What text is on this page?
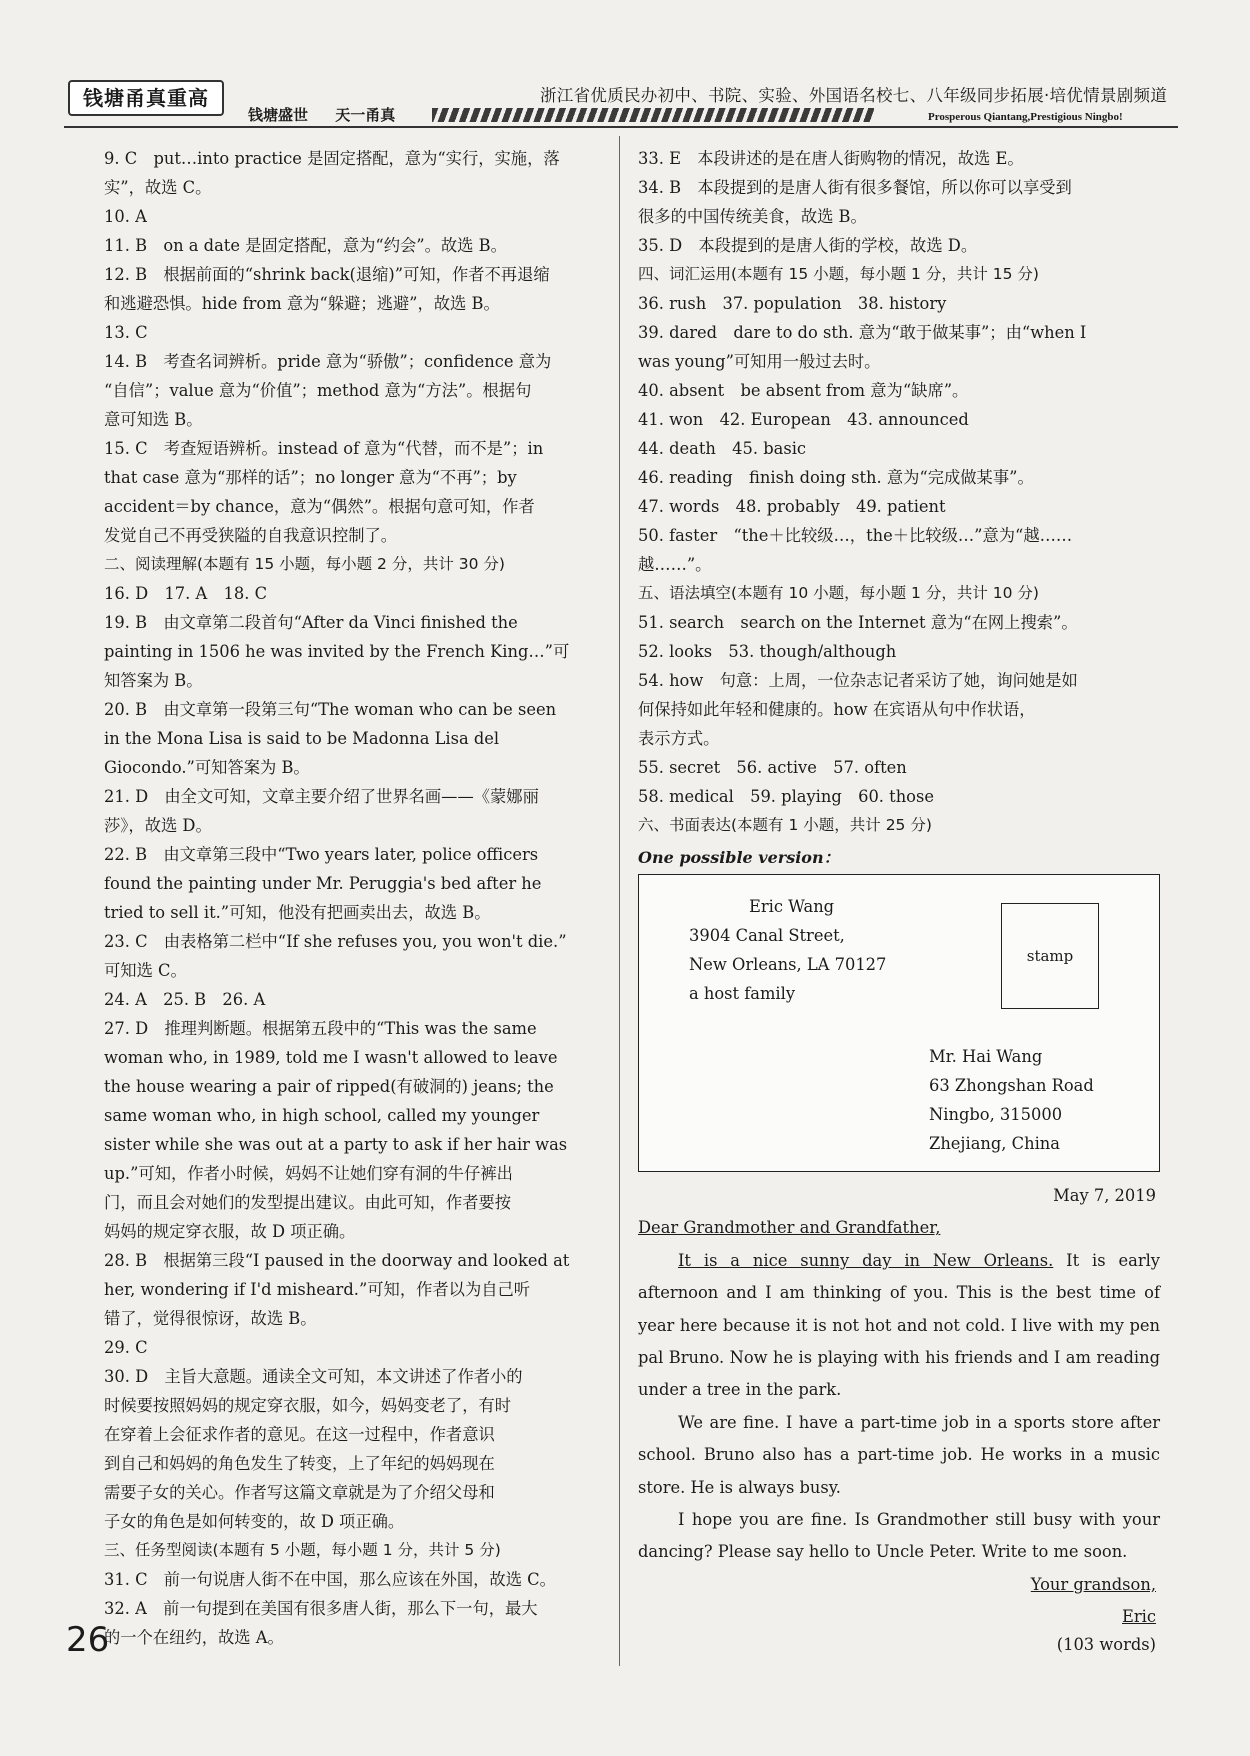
钱塘甬真重高
钱塘盛世 天一甬真
浙江省优质民办初中、书院、实验、外国语名校七、八年级同步拓展·培优情景剧频道
Prosperous Qiantang,Prestigious Ningbo!
9. C　put…into practice 是固定搭配，意为“实行，实施，落
实”，故选 C。
10. A
11. B　on a date 是固定搭配，意为“约会”。故选 B。
12. B　根据前面的“shrink back(退缩)”可知，作者不再退缩
和逃避恐惧。hide from 意为“躲避；逃避”，故选 B。
13. C
14. B　考查名词辨析。pride 意为“骄傲”；confidence 意为
“自信”；value 意为“价值”；method 意为“方法”。根据句
意可知选 B。
15. C　考查短语辨析。instead of 意为“代替，而不是”；in
that case 意为“那样的话”；no longer 意为“不再”；by
accident＝by chance，意为“偶然”。根据句意可知，作者
发觉自己不再受狭隘的自我意识控制了。
二、阅读理解(本题有 15 小题，每小题 2 分，共计 30 分)
16. D　17. A　18. C
19. B　由文章第二段首句“After da Vinci finished the
painting in 1506 he was invited by the French King…”可
知答案为 B。
20. B　由文章第一段第三句“The woman who can be seen
in the Mona Lisa is said to be Madonna Lisa del
Giocondo.”可知答案为 B。
21. D　由全文可知，文章主要介绍了世界名画——《蒙娜丽
莎》，故选 D。
22. B　由文章第三段中“Two years later, police officers
found the painting under Mr. Peruggia's bed after he
tried to sell it.”可知，他没有把画卖出去，故选 B。
23. C　由表格第二栏中“If she refuses you, you won't die.”
可知选 C。
24. A　25. B　26. A
27. D　推理判断题。根据第五段中的“This was the same
woman who, in 1989, told me I wasn't allowed to leave
the house wearing a pair of ripped(有破洞的) jeans; the
same woman who, in high school, called my younger
sister while she was out at a party to ask if her hair was
up.”可知，作者小时候，妈妈不让她们穿有洞的牛仔裤出
门，而且会对她们的发型提出建议。由此可知，作者要按
妈妈的规定穿衣服，故 D 项正确。
28. B　根据第三段“I paused in the doorway and looked at
her, wondering if I'd misheard.”可知，作者以为自己听
错了，觉得很惊讶，故选 B。
29. C
30. D　主旨大意题。通读全文可知，本文讲述了作者小的
时候要按照妈妈的规定穿衣服，如今，妈妈变老了，有时
在穿着上会征求作者的意见。在这一过程中，作者意识
到自己和妈妈的角色发生了转变，上了年纪的妈妈现在
需要子女的关心。作者写这篇文章就是为了介绍父母和
子女的角色是如何转变的，故 D 项正确。
三、任务型阅读(本题有 5 小题，每小题 1 分，共计 5 分)
31. C　前一句说唐人街不在中国，那么应该在外国，故选 C。
32. A　前一句提到在美国有很多唐人街，那么下一句，最大
的一个在纽约，故选 A。
33. E　本段讲述的是在唐人街购物的情况，故选 E。
34. B　本段提到的是唐人街有很多餐馆，所以你可以享受到
很多的中国传统美食，故选 B。
35. D　本段提到的是唐人街的学校，故选 D。
四、词汇运用(本题有 15 小题，每小题 1 分，共计 15 分)
36. rush　37. population　38. history
39. dared　dare to do sth. 意为“敢于做某事”；由“when I
was young”可知用一般过去时。
40. absent　be absent from 意为“缺席”。
41. won　42. European　43. announced
44. death　45. basic
46. reading　finish doing sth. 意为“完成做某事”。
47. words　48. probably　49. patient
50. faster　“the＋比较级…，the＋比较级…”意为“越……
越……”。
五、语法填空(本题有 10 小题，每小题 1 分，共计 10 分)
51. search　search on the Internet 意为“在网上搜索”。
52. looks　53. though/although
54. how　句意：上周，一位杂志记者采访了她，询问她是如
何保持如此年轻和健康的。how 在宾语从句中作状语，
表示方式。
55. secret　56. active　57. often
58. medical　59. playing　60. those
六、书面表达(本题有 1 小题，共计 25 分)
One possible version：
Eric Wang
3904 Canal Street,
New Orleans, LA 70127
a host family
stamp
Mr. Hai Wang
63 Zhongshan Road
Ningbo, 315000
Zhejiang, China

May 7, 2019

Dear Grandmother and Grandfather,

It is a nice sunny day in New Orleans. It is early afternoon and I am thinking of you. This is the best time of year here because it is not hot and not cold. I live with my pen pal Bruno. Now he is playing with his friends and I am reading under a tree in the park.

We are fine. I have a part-time job in a sports store after school. Bruno also has a part-time job. He works in a music store. He is always busy.

I hope you are fine. Is Grandmother still busy with your dancing? Please say hello to Uncle Peter. Write to me soon.

Your grandson,

Eric

(103 words)

26
